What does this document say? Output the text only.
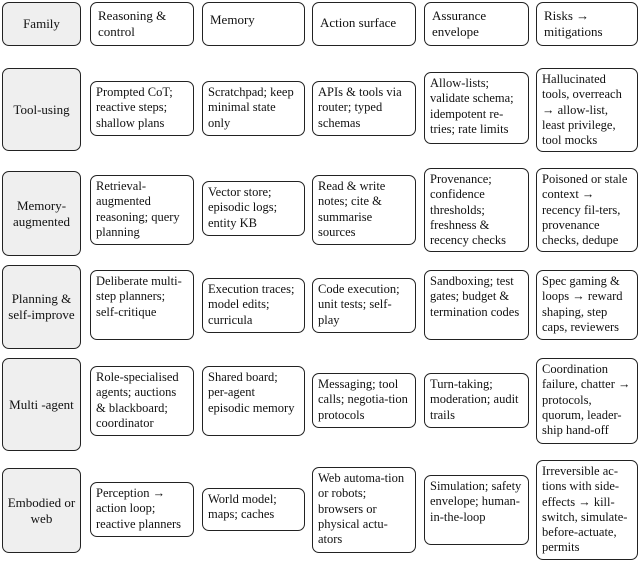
Family
Reasoning & control
Memory	Action surface	Assurance envelope
Risks → mitigations
Tool-using
Prompted CoT; reactive steps; shallow plans
Scratchpad; keep minimal state only
APIs & tools via router; typed schemas
Allow-lists; validate schema; idempotent re-tries; rate limits
Hallucinated tools, overreach → allow-list, least privilege, tool mocks
Memory-augmented
Retrieval-augmented reasoning; query planning
Vector store; episodic logs; entity KB
Read & write notes; cite & summarise sources
Provenance; confidence thresholds; freshness & recency checks
Poisoned or stale context → recency fil-ters, provenance checks, dedupe
Planning & self-improve
Deliberate multi-step planners; self-critique
Execution traces; model edits; curricula
Code execution; unit tests; self-play
Sandboxing; test gates; budget & termination codes
Spec gaming & loops → reward shaping, step caps, reviewers
Multi -agent
Role-specialised agents; auctions & blackboard; coordinator
Shared board; per-agent episodic memory
Messaging; tool calls; negotia-tion protocols
Turn-taking; moderation; audit trails
Coordination failure, chatter → protocols, quorum, leader-ship hand-off
Embodied or web
Perception → action loop; reactive planners
World model; maps; caches
Web automa-tion or robots; browsers or physical actu-ators
Simulation; safety envelope; human-in-the-loop
Irreversible ac-tions with side-effects → kill-switch, simulate-before-actuate, permits
